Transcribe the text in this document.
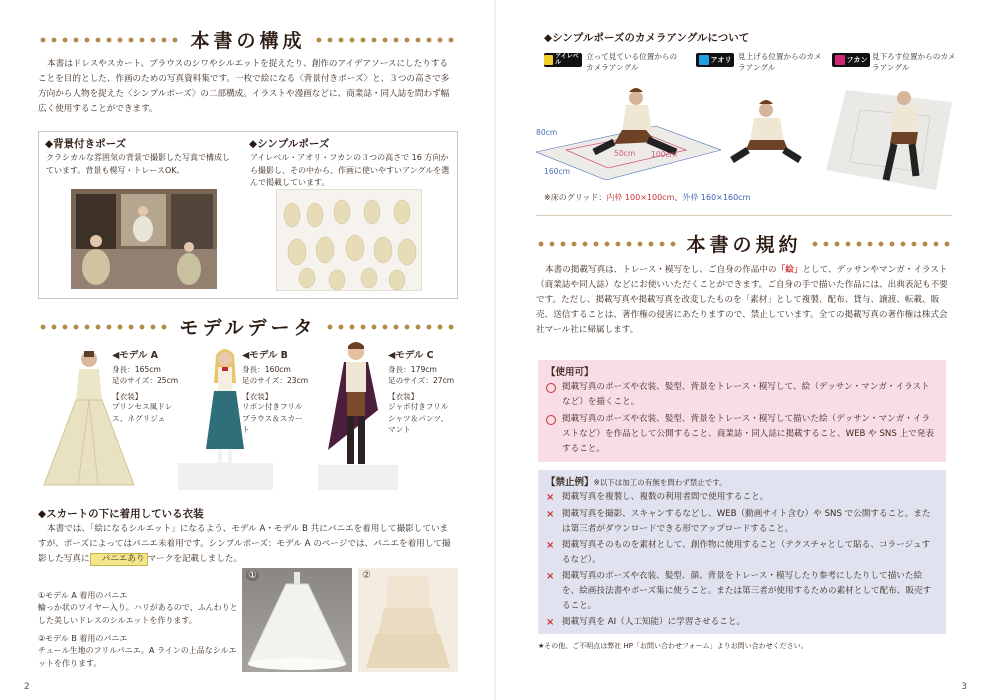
本書の構成
本書はドレスやスカート、ブラウスのシワやシルエットを捉えたり、創作のアイデアソースにしたりすることを目的とした、作画のための写真資料集です。一枚で絵になる〈背景付きポーズ〉と、３つの高さで多方向から人物を捉えた〈シンプルポーズ〉の二部構成。イラストや漫画などに、商業誌・同人誌を問わず幅広く使用することができます。
◆背景付きポーズ
クラシカルな雰囲気の背景で撮影した写真で構成しています。背景も模写・トレースOK。
◆シンプルポーズ
アイレベル・アオリ・フカンの３つの高さで 16 方向から撮影し、その中から、作画に使いやすいアングルを選んで掲載しています。
モデルデータ
◀モデル A
身長：165cm
足のサイズ：25cm
【衣装】
プリンセス風ドレス、ネグリジェ
◀モデル B
身長：160cm
足のサイズ：23cm
【衣装】
リボン付きフリルブラウス＆スカート
◀モデル C
身長：179cm
足のサイズ：27cm
【衣装】
ジャボ付きフリルシャツ＆パンツ、マント
◆スカートの下に着用している衣装
本書では、「絵になるシルエット」になるよう、モデル A・モデル B 共にパニエを着用して撮影していますが、ポーズによってはパニエ未着用です。シンプルポーズ：モデル A のページでは、パニエを着用して撮影した写真に パニエあり マークを記載しました。
①モデル A 着用のパニエ
輪っか状のワイヤー入り。ハリがあるので、ふんわりとした美しいドレスのシルエットを作ります。
②モデル B 着用のパニエ
チュール生地のフリルパニエ。A ラインの上品なシルエットを作ります。
①	②
2
◆シンプルポーズのカメラアングルについて
アイレベル
立って見ている位置からのカメラアングル
アオリ 見上げる位置からのカメラアングル
フカン 見下ろす位置からのカメラアングル
80cm
160cm
50cm 100cm
※床のグリッド：内枠 100×100cm、外枠 160×160cm
本書の規約
本書の掲載写真は、トレース・模写をし、ご自身の作品中の「絵」として、デッサンやマンガ・イラスト（商業誌や同人誌）などにお使いいただくことができます。ご自身の手で描いた作品には、出典表記も不要です。ただし、掲載写真や掲載写真を改変したものを「素材」として複製、配布、貸与、譲渡、転載、販売、送信することは、著作権の侵害にあたりますので、禁止しています。全ての掲載写真の著作権は株式会社マール社に帰属します。
【使用可】
掲載写真のポーズや衣装、髪型、背景をトレース・模写して、絵（デッサン・マンガ・イラストなど）を描くこと。
掲載写真のポーズや衣装、髪型、背景をトレース・模写して描いた絵（デッサン・マンガ・イラストなど）を作品として公開すること、商業誌・同人誌に掲載すること、WEB や SNS 上で発表すること。
【禁止例】※以下は加工の有無を問わず禁止です。
× 掲載写真を複製し、複数の利用者間で使用すること。
× 掲載写真を撮影、スキャンするなどし、WEB（動画サイト含む）や SNS で公開すること。または第三者がダウンロードできる形でアップロードすること。
× 掲載写真そのものを素材として、創作物に使用すること（テクスチャとして貼る、コラージュするなど）。
× 掲載写真のポーズや衣装、髪型、顔、背景をトレース・模写したり参考にしたりして描いた絵を、絵画技法書やポーズ集に使うこと。または第三者が使用するための素材として配布、販売すること。
× 掲載写真を AI（人工知能）に学習させること。
★その他、ご不明点は弊社 HP「お問い合わせフォーム」よりお問い合わせください。
3
